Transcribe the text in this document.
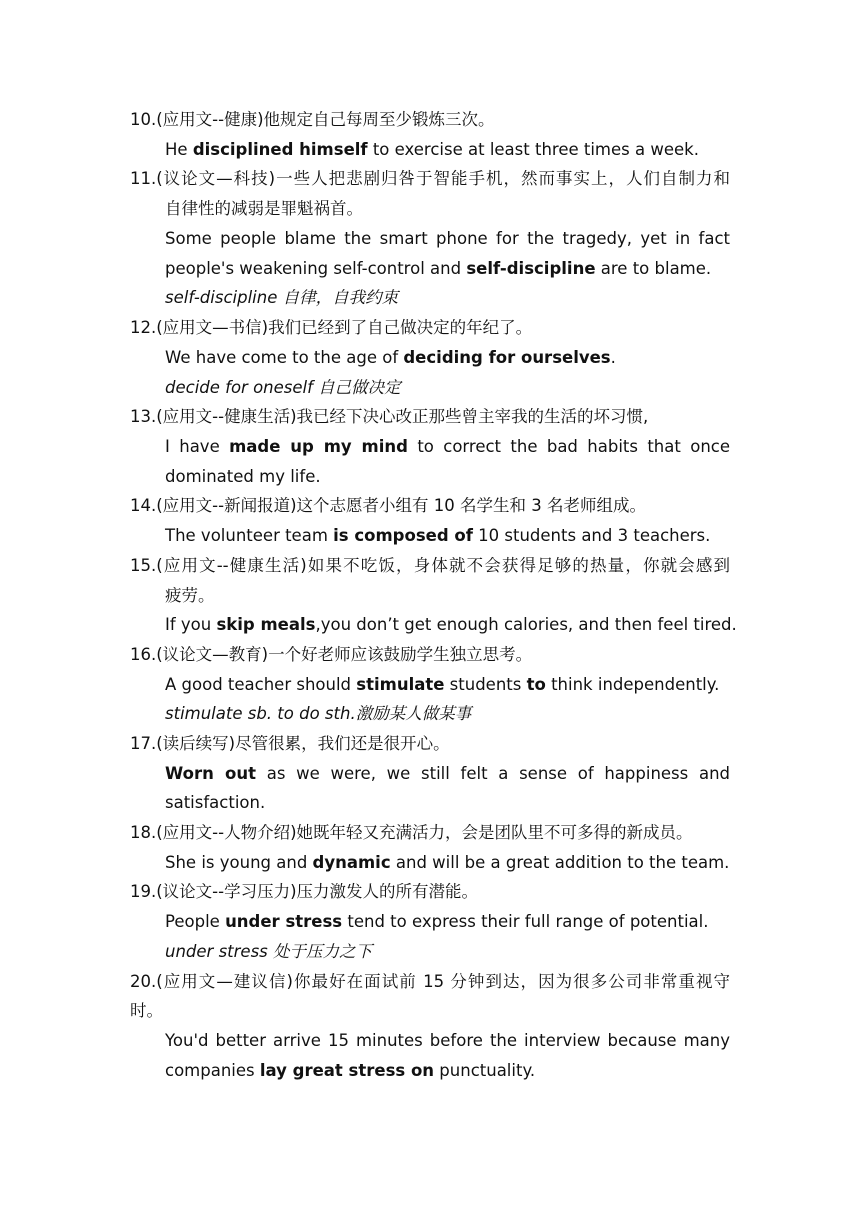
10.(应用文--健康)他规定自己每周至少锻炼三次。
He disciplined himself to exercise at least three times a week.
11.(议论文—科技)一些人把悲剧归咎于智能手机，然而事实上，人们自制力和
自律性的减弱是罪魁祸首。
Some people blame the smart phone for the tragedy, yet in fact
people's weakening self-control and self-discipline are to blame.
self-discipline 自律，自我约束
12.(应用文—书信)我们已经到了自己做决定的年纪了。
We have come to the age of deciding for ourselves.
decide for oneself 自己做决定
13.(应用文--健康生活)我已经下决心改正那些曾主宰我的生活的坏习惯,
I have made up my mind to correct the bad habits that once
dominated my life.
14.(应用文--新闻报道)这个志愿者小组有 10 名学生和 3 名老师组成。
The volunteer team is composed of 10 students and 3 teachers.
15.(应用文--健康生活)如果不吃饭，身体就不会获得足够的热量，你就会感到
疲劳。
If you skip meals,you don’t get enough calories, and then feel tired.
16.(议论文—教育)一个好老师应该鼓励学生独立思考。
A good teacher should stimulate students to think independently.
stimulate sb. to do sth.激励某人做某事
17.(读后续写)尽管很累，我们还是很开心。
Worn out as we were, we still felt a sense of happiness and
satisfaction.
18.(应用文--人物介绍)她既年轻又充满活力，会是团队里不可多得的新成员。
She is young and dynamic and will be a great addition to the team.
19.(议论文--学习压力)压力激发人的所有潜能。
People under stress tend to express their full range of potential.
under stress 处于压力之下
20.(应用文—建议信)你最好在面试前 15 分钟到达，因为很多公司非常重视守
时。
You'd better arrive 15 minutes before the interview because many
companies lay great stress on punctuality.
